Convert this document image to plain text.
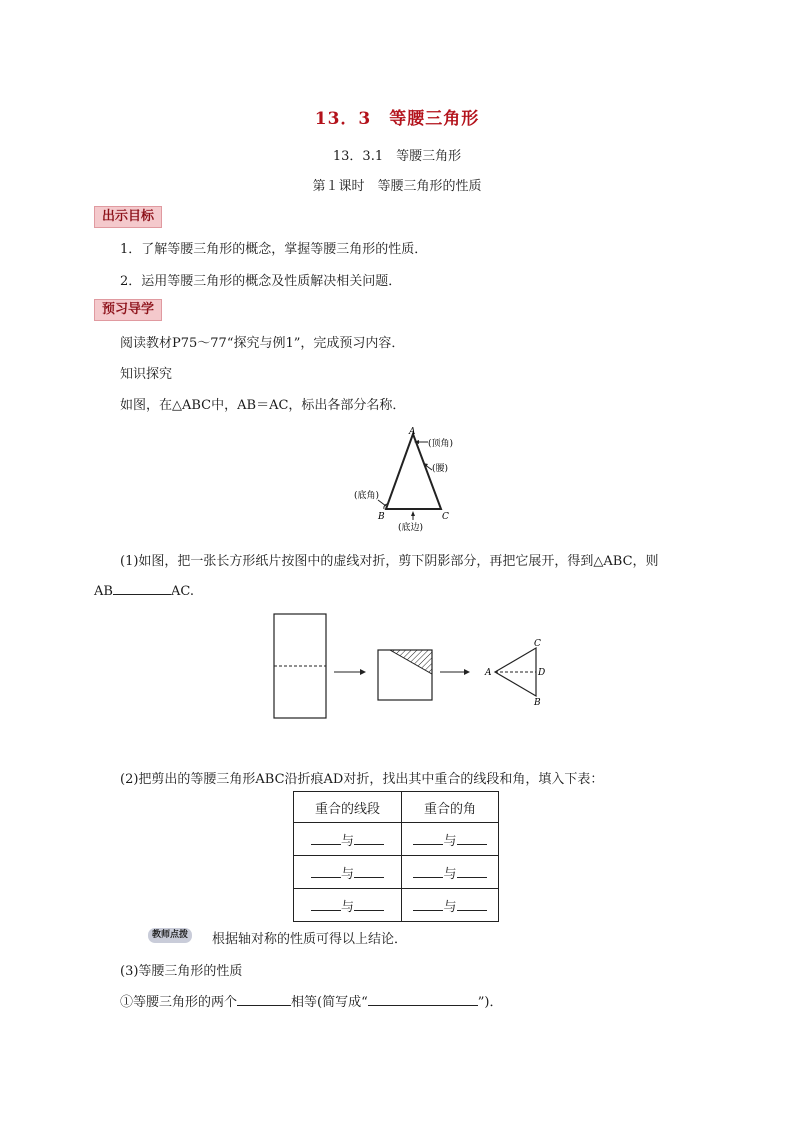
13．3　等腰三角形
13．3.1　等腰三角形
第１课时　等腰三角形的性质
出示目标
1．了解等腰三角形的概念，掌握等腰三角形的性质．
2．运用等腰三角形的概念及性质解决相关问题．
预习导学
阅读教材P75～77“探究与例1”，完成预习内容．
知识探究
如图，在△ABC中，AB＝AC，标出各部分名称．
A
B	C
(顶角)
(腰)
(底角)
(底边)
(1)如图，把一张长方形纸片按图中的虚线对折，剪下阴影部分，再把它展开，得到△ABC，则
AB	AC.
A
B
C
D
(2)把剪出的等腰三角形ABC沿折痕AD对折，找出其中重合的线段和角，填入下表：
重合的线段	重合的角
与	与
与	与
与	与
教师点拨	根据轴对称的性质可得以上结论．
(3)等腰三角形的性质
①等腰三角形的两个	相等(简写成“	”)．
